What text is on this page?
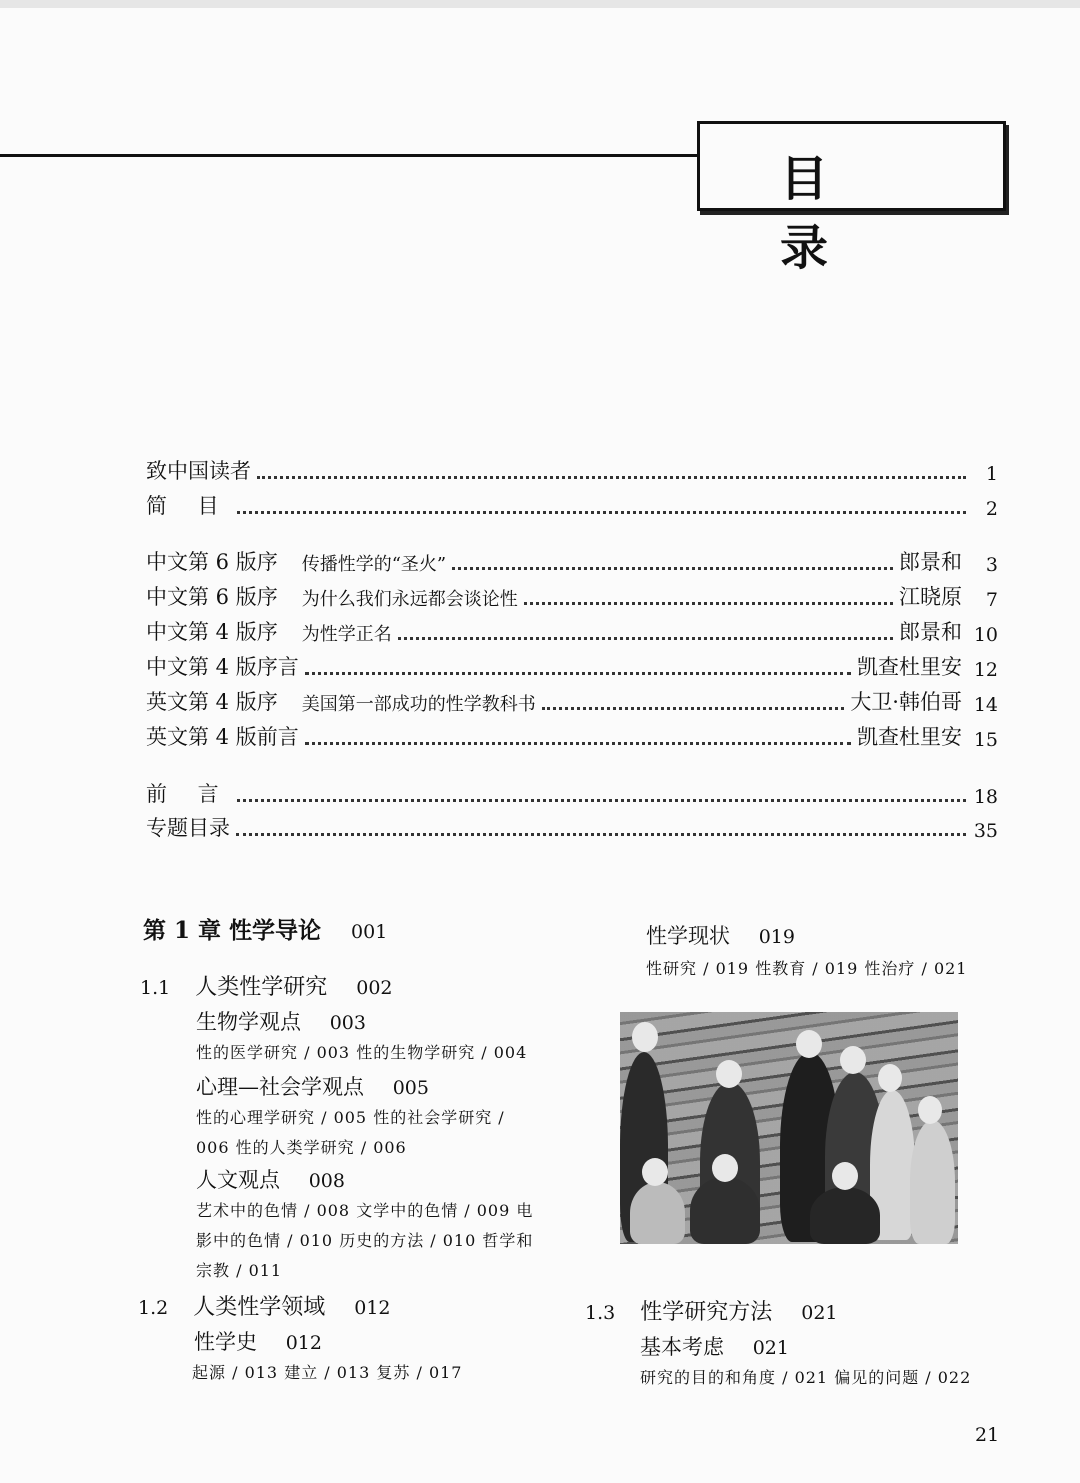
目 录
致中国读者	1
简 目	2
中文第 6 版序 传播性学的“圣火”	郎景和	3
中文第 6 版序 为什么我们永远都会谈论性	江晓原	7
中文第 4 版序 为性学正名	郎景和 10
中文第 4 版序言	凯查杜里安 12
英文第 4 版序 美国第一部成功的性学教科书	大卫·韩伯哥 14
英文第 4 版前言	凯查杜里安 15
前 言	18
专题目录	35
第 1 章 性学导论 001
1.1 人类性学研究 002
生物学观点 003
性的医学研究 / 003 性的生物学研究 / 004
心理—社会学观点 005
性的心理学研究 / 005 性的社会学研究 / 006 性的人类学研究 / 006
人文观点 008
艺术中的色情 / 008 文学中的色情 / 009 电影中的色情 / 010 历史的方法 / 010 哲学和宗教 / 011
1.2 人类性学领域 012
性学史 012
起源 / 013 建立 / 013 复苏 / 017
性学现状 019
性研究 / 019 性教育 / 019 性治疗 / 021
1.3 性学研究方法 021
基本考虑 021
研究的目的和角度 / 021 偏见的问题 / 022
21
